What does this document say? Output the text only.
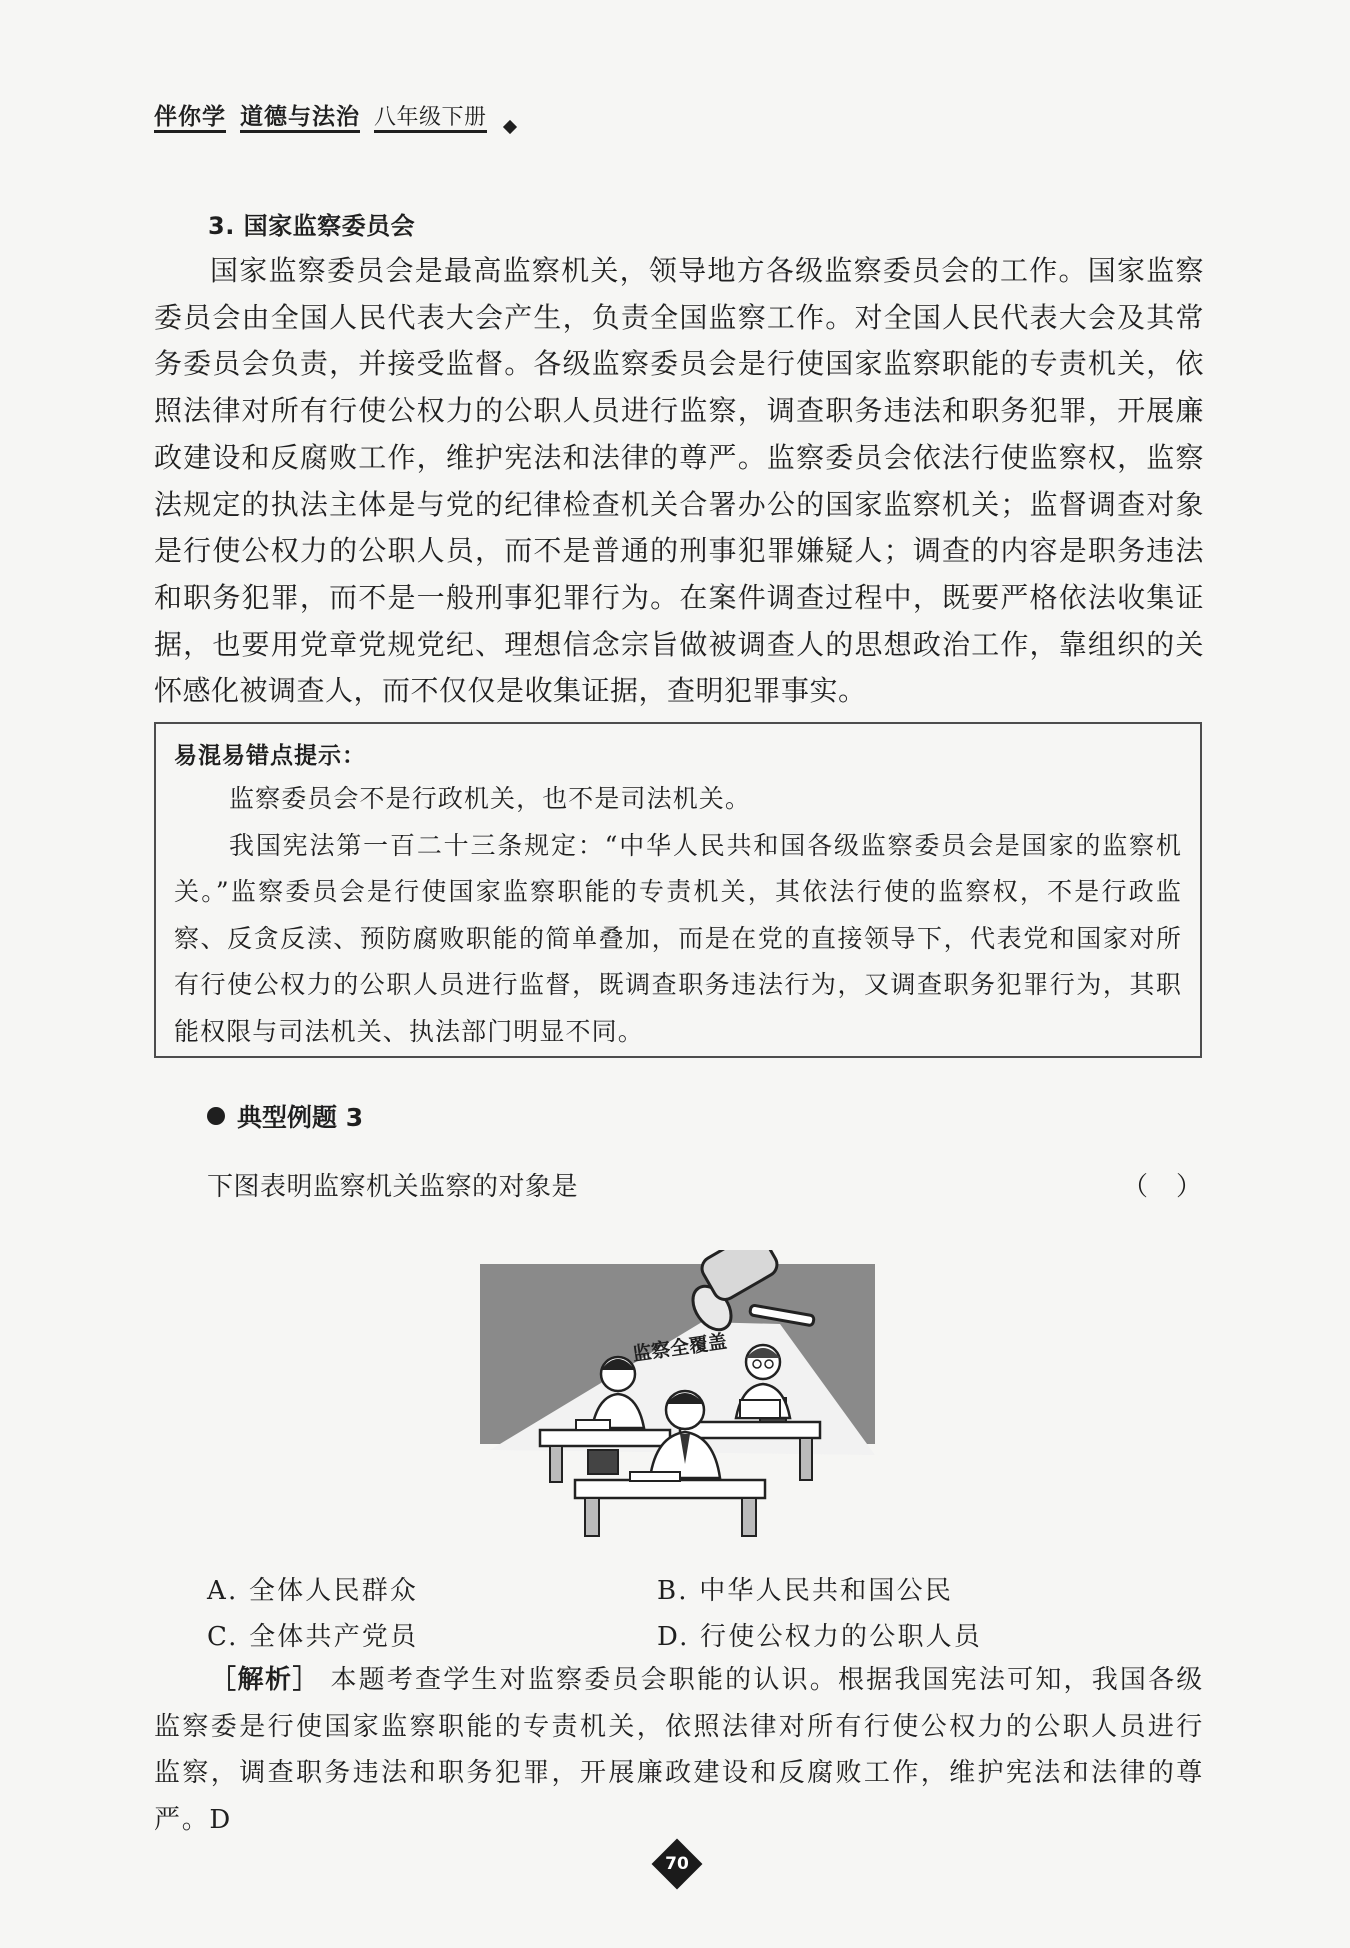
伴你学 道德与法治 八年级下册
3. 国家监察委员会

国家监察委员会是最高监察机关，领导地方各级监察委员会的工作。国家监察委员会由全国人民代表大会产生，负责全国监察工作。对全国人民代表大会及其常务委员会负责，并接受监督。各级监察委员会是行使国家监察职能的专责机关，依照法律对所有行使公权力的公职人员进行监察，调查职务违法和职务犯罪，开展廉政建设和反腐败工作，维护宪法和法律的尊严。监察委员会依法行使监察权，监察法规定的执法主体是与党的纪律检查机关合署办公的国家监察机关；监督调查对象是行使公权力的公职人员，而不是普通的刑事犯罪嫌疑人；调查的内容是职务违法和职务犯罪，而不是一般刑事犯罪行为。在案件调查过程中，既要严格依法收集证据，也要用党章党规党纪、理想信念宗旨做被调查人的思想政治工作，靠组织的关怀感化被调查人，而不仅仅是收集证据，查明犯罪事实。

易混易错点提示：

监察委员会不是行政机关，也不是司法机关。

我国宪法第一百二十三条规定：“中华人民共和国各级监察委员会是国家的监察机关。”监察委员会是行使国家监察职能的专责机关，其依法行使的监察权，不是行政监察、反贪反渎、预防腐败职能的简单叠加，而是在党的直接领导下，代表党和国家对所有行使公权力的公职人员进行监督，既调查职务违法行为，又调查职务犯罪行为，其职能权限与司法机关、执法部门明显不同。

典型例题 3
下图表明监察机关监察的对象是	（）
监察全覆盖
A. 全体人民群众	B. 中华人民共和国公民
C. 全体共产党员	D. 行使公权力的公职人员

［解析］ 本题考查学生对监察委员会职能的认识。根据我国宪法可知，我国各级监察委是行使国家监察职能的专责机关，依照法律对所有行使公权力的公职人员进行监察，调查职务违法和职务犯罪，开展廉政建设和反腐败工作，维护宪法和法律的尊严。D

70
